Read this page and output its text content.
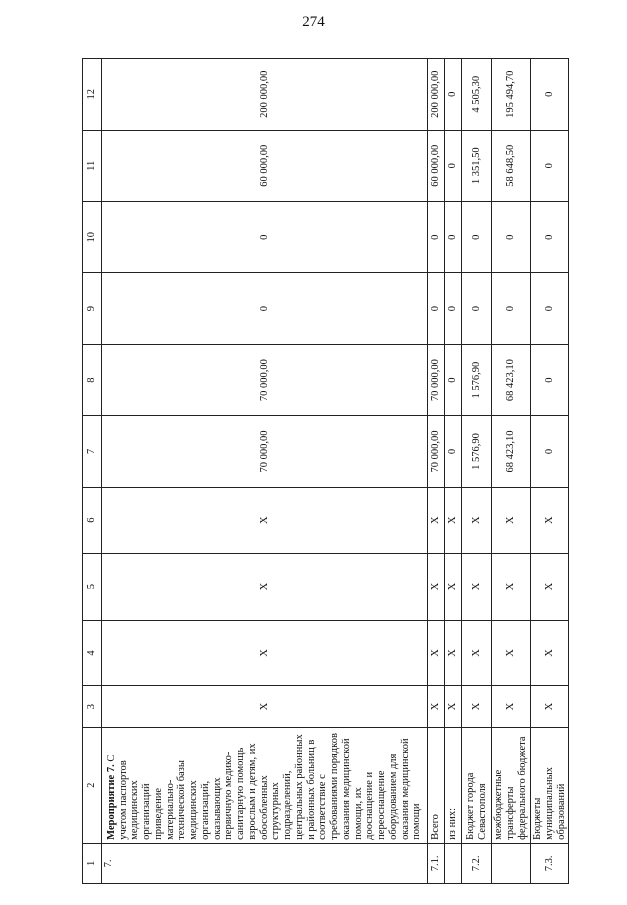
274
1	2	3	4	5	6	7	8	9	10	11	12
7.	Мероприятие 7. С учетом паспортов медицинских организаций приведение материально-технической базы медицинских организаций, оказывающих первичную медико-санитарную помощь взрослым и детям, их обособленных структурных подразделений, центральных районных и районных больниц в соответствие с требованиями порядков оказания медицинской помощи, их дооснащение и переоснащение оборудованием для оказания медицинской помощи	Х	Х	Х	Х	70 000,00	70 000,00	0	0	60 000,00	200 000,00
7.1.	Всего	Х	Х	Х	Х	70 000,00	70 000,00	0	0	60 000,00	200 000,00
	из них:	Х	Х	Х	Х	0	0	0	0	0	0
7.2.	Бюджет города Севастополя	Х	Х	Х	Х	1 576,90	1 576,90	0	0	1 351,50	4 505,30
	межбюджетные трансферты федерального бюджета	Х	Х	Х	Х	68 423,10	68 423,10	0	0	58 648,50	195 494,70
7.3.	Бюджеты муниципальных образований	Х	Х	Х	Х	0	0	0	0	0	0
